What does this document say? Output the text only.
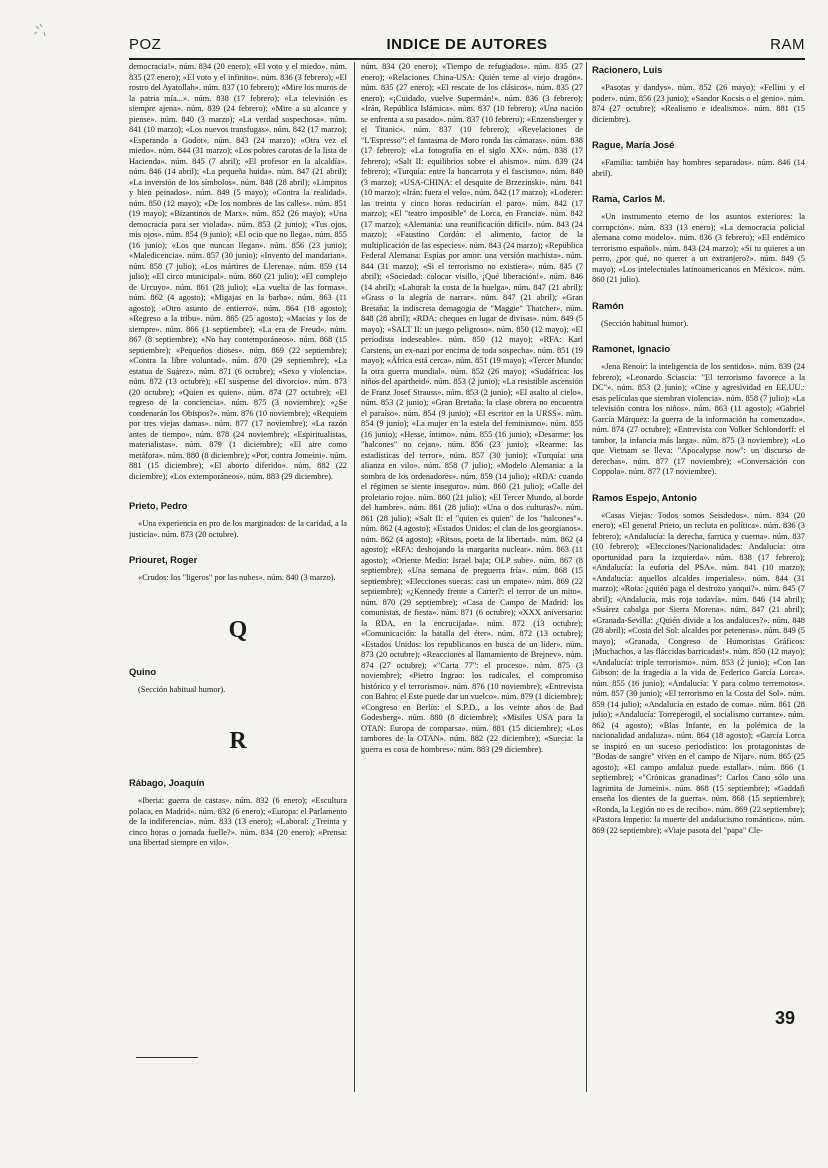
POZ	INDICE DE AUTORES	RAM

democracia!». núm. 834 (20 enero); «El voto y el miedo». núm. 835 (27 enero); «El voto y el infinito». núm. 836 (3 febrero); «El rostro del Ayatollah». núm. 837 (10 febrero); «Mire los muros de la patria mía...». núm. 838 (17 febrero); «La televisión es siempre ajena». núm. 839 (24 febrero); «Mire a su alcance y piense». núm. 840 (3 marzo); «La verdad sospechosa». núm. 841 (10 marzo); «Los nuevos transfugas». núm. 842 (17 marzo); «Esperando a Godot». núm. 843 (24 marzo); «Otra vez el miedo». núm. 844 (31 marzo); «Los pobres carotas de la lista de Hacienda». núm. 845 (7 abril); «El profesor en la alcaldía». núm. 846 (14 abril); «La pequeña huida». núm. 847 (21 abril); «La inversión de los símbolos». núm. 848 (28 abril); «Limpitos y bien peinados». núm. 849 (5 mayo); «Contra la realidad». núm. 850 (12 mayo); «De los nombres de las calles». núm. 851 (19 mayo); «Bizantinos de Marx». núm. 852 (26 mayo); «Una democracia para ser violada». núm. 853 (2 junio); «Tus ojos, mis ojos». núm. 854 (9 junio); «El ocio que no llega». núm. 855 (16 junio); «Los que nuncan llegan». núm. 856 (23 junio); «Maledicencia». núm. 857 (30 junio); «Invento del mandarian». núm. 858 (7 julio); «Los mártires de Llerena». núm. 859 (14 julio); «El circo municipal». núm. 860 (21 julio); «El complejo de Urcuyo». núm. 861 (28 julio); «La vuelta de las formas». núm. 862 (4 agosto); «Migajas en la barba». núm. 863 (11 agosto); «Otro asunto de entierro». núm. 864 (18 agosto); «Regreso a la tribu». núm. 865 (25 agosto); «Macías y los de siempre». núm. 866 (1 septiembre); «La era de Freud». núm. 867 (8 septiembre); «No hay contemporáneos». núm. 868 (15 septiembre); «Pequeños dioses». núm. 869 (22 septiembre); «Contra la libre voluntad». núm. 870 (29 septiembre); «La estatua de Suárez». núm. 871 (6 octubre); «Sexo y violencia». núm. 872 (13 octubre); «El suspense del divorcio». núm. 873 (20 octubre); «Quien es quien». núm. 874 (27 octubre); «El regreso de la conciencia». núm. 875 (3 noviembre); «¿Se condenarán los Obispos?». núm. 876 (10 noviembre); «Requiem por tres viejas damas». núm. 877 (17 noviembre); «La razón antes de tiempo». núm. 878 (24 noviembre); «Espiritualistas, materialistas». núm. 879 (1 diciembre); «El aire como metáfora». núm. 880 (8 diciembre); «Por, contra Jomeini». núm. 881 (15 diciembre); «El aborto diferido». núm. 882 (22 diciembre); «Los extemporáneos». núm. 883 (29 diciembre).

Prieto, Pedro

«Una experiencia en pro de los marginados: de la caridad, a la justicia». núm. 873 (20 octubre).

Priouret, Roger

«Crudos: los "ligeros" por las nubes». núm. 840 (3 marzo).

Q
Quino

(Sección habitual humor).

R
Rábago, Joaquín

«Iberia: guerra de castas». núm. 832 (6 enero); «Escultura polaca, en Madrid». núm. 832 (6 enero); «Europa: el Parlamento de la indiferencia». núm. 833 (13 enero); «Laboral: ¿Treinta y cinco horas o jornada fuelle?». núm. 834 (20 enero); «Prensa: una libertad siempre en vilo».

núm. 834 (20 enero); «Tiempo de refugiados». núm. 835 (27 enero); «Relaciones China-USA: Quién teme al viejo dragón». núm. 835 (27 enero); «El rescate de los clásicos». núm. 835 (27 enero); «¡Cuidado, vuelve Supermán!». núm. 836 (3 febrero); «Irán, República Islámica». núm. 837 (10 febrero); «Una nación se enfrenta a su pasado». núm. 837 (10 febrero); «Enzensberger y el Titanic». núm. 837 (10 febrero); «Revelaciones de "L'Espresso": el fantasma de Moro ronda las cámaras». núm. 838 (17 febrero); «La fotografía en el siglo XX». núm. 838 (17 febrero); «Salt II: equilibrios sobre el abismo». núm. 839 (24 febrero); «Turquía: entre la bancarrota y el fascismo». núm. 840 (3 marzo); «USA-CHINA: el desquite de Brzezinski». núm. 841 (10 marzo); «Irán: fuera el velo». núm. 842 (17 marzo); «Loderer: las treinta y cinco horas reducirían el paro». núm. 842 (17 marzo); «El "teatro imposible" de Lorca, en Francia». núm. 842 (17 marzo); «Alemania: una reunificación difícil». núm. 843 (24 marzo); «Faustino Cordón: el alimento, factor de la multiplicación de las especies». núm. 843 (24 marzo); «República Federal Alemana: Espías por amor: una versión machista». núm. 844 (31 marzo); «Si el terrorismo no existiera». núm. 845 (7 abril); «Sociedad: colocar visillo, ¡Qué liberación!». núm. 846 (14 abril); «Laboral: la costa de la huelga». núm. 847 (21 abril); «Grass o la alegría de narrar». núm. 847 (21 abril); «Gran Bretaña: la indiscreta demagogia de "Maggie" Thatcher». núm. 848 (28 abril); «RDA: cheques en lugar de divisas». núm. 849 (5 mayo); «SALT II: un juego peligroso». núm. 850 (12 mayo); «El periodista indeseable». núm. 850 (12 mayo); «RFA: Karl Carstens, un ex-nazi por encima de toda sospecha». núm. 851 (19 mayo); «África está cerca». núm. 851 (19 mayo); «Tercer Mundo: la otra guerra mundial». núm. 852 (26 mayo); «Sudáfrica: los niños del apartheid». núm. 853 (2 junio); «La resistible ascensión de Franz Josef Strauss». núm. 853 (2 junio); «El asalto al cielo». núm. 853 (2 junio); «Gran Bretaña: la clase obrera no encuentra el paraíso». núm. 854 (9 junio); «El escritor en la URSS». núm. 854 (9 junio); «La mujer en la estela del feminismo». núm. 855 (16 junio); «Hesse, íntimo». núm. 855 (16 junio); «Desarme: los "halcones" no cejan». núm. 856 (23 junio); «Rearme: las estadísticas del terror». núm. 857 (30 junio); «Turquía: una alianza en vilo». núm. 858 (7 julio); «Modelo Alemania: a la sombra de los ordenadores». núm. 859 (14 julio); «RDA: cuando el régimen se siente inseguro». núm. 860 (21 julio); «Calle del proletario rojo». núm. 860 (21 julio); «El Tercer Mundo, al borde del hambre». núm. 861 (28 julio); «Una o dos culturas?». núm. 861 (28 julio); «Salt II: el "quien es quien" de los "halcones"». núm. 862 (4 agosto); «Estados Unidos: el clan de los georgianos». núm. 862 (4 agosto); «Ritsos, poeta de la libertad». núm. 862 (4 agosto); «RFA: deshojando la margarita nuclear». núm. 863 (11 agosto); «Oriente Medio: Israel baja; OLP sube». núm. 867 (8 septiembre); «Una semana de preguerra fría». núm. 868 (15 septiembre); «Elecciones suecas: casi un empate». núm. 869 (22 septiembre); «¿Kennedy frente a Carter?: el terror de un mito». núm. 870 (29 septiembre); «Casa de Campo de Madrid: los comunistas, de fiesta». núm. 871 (6 octubre); «XXX aniversario: la RDA, en la encrucijada». núm. 872 (13 octubre); «Comunicación: la batalla del éter». núm. 872 (13 octubre); «Estados Unidos: los republicanos en busca de un líder». núm. 873 (20 octubre); «Reacciones al llamamiento de Brejnev». núm. 874 (27 octubre); «"Carta 77": el proceso». núm. 875 (3 noviembre); «Pietro Ingrao: los radicales, el compromiso histórico y el terrorismo». núm. 876 (10 noviembre); «Entrevista con Bahro: el Este puede dar un vuelco». núm. 879 (1 diciembre); «Congreso en Berlín: el S.P.D., a los veinte años de Bad Godesberg». núm. 880 (8 diciembre); «Misiles USA para la OTAN: Europa de comparsa». núm. 881 (15 diciembre); «Los tambores de la OTAN». núm. 882 (22 diciembre); «Suecia: la guerra es cosa de hombres». núm. 883 (29 diciembre).

Racionero, Luis

«Pasotas y dandys». núm. 852 (26 mayo); «Fellini y el poder». núm. 856 (23 junio); «Sandor Kocsis o el genio». núm. 874 (27 octubre); «Realismo e idealismo». núm. 881 (15 diciembre).

Rague, María José

«Familia: también hay hombres separados». núm. 846 (14 abril).

Rama, Carlos M.

«Un instrumento eterno de los asuntos exteriores: la corrupción». núm. 833 (13 enero); «La democracia policial alemana como modelo». núm. 836 (3 febrero); «El endémico terrorismo español». núm. 843 (24 marzo); «Si tu quieres a un perro, ¿por qué, no querer a un extranjero?». núm. 849 (5 mayo); «Los intelectuales latinoamericanos en México». núm. 860 (21 julio).

Ramón

(Sección habitual humor).

Ramonet, Ignacio

«Jena Renoir: la inteligencia de los sentidos». núm. 839 (24 febrero); «Leonardo Sciascia: "El terrorismo favorece a la DC"». núm. 853 (2 junio); «Cine y agresividad en EE.UU.: esas películas que siembran violencia». núm. 858 (7 julio); «La televisión contra los niños». núm. 863 (11 agosto); «Gabriel García Márquez: la guerra de la información ha comenzado». núm. 874 (27 octubre); «Entrevista con Volker Schlondorff: el tambor, la infancia más larga». núm. 875 (3 noviembre); «Lo que Vietnam se lleva: "Apocalypse now": un discurso de derechas». núm. 877 (17 noviembre); «Conversación con Coppola». núm. 877 (17 noviembre).

Ramos Espejo, Antonio

«Casas Viejas: Todos somos Seisdedos». núm. 834 (20 enero); «El general Prieto, un recluta en política». núm. 836 (3 febrero); «Andalucía: la derecha, farruca y cuerna». núm. 837 (10 febrero); «Elecciones/Nacionalidades: Andalucía: otra oportunidad para la izquierda». núm. 838 (17 febrero); «Andalucía: la euforia del PSA». núm. 841 (10 marzo); «Andalucía: aquellos alcaldes imperiales». núm. 844 (31 marzo); «Rota: ¿quién paga el destrozo yanqui?». núm. 845 (7 abril); «Andalucía, más roja todavía». núm. 846 (14 abril); «Suárez cabalga por Sierra Morena». núm. 847 (21 abril); «Granada-Sevilla: ¿Quién divide a los andaluces?». núm. 848 (28 abril); «Costa del Sol: alcaldes por peteneras». núm. 849 (5 mayo); «Granada, Congreso de Humoristas Gráficos: ¡Muchachos, a las fláccidas barricadas!». núm. 850 (12 mayo); «Andalucía: triple terrorismo». núm. 853 (2 junio); «Con Ian Gibson: de la tragedia a la vida de Federico García Lorca». núm. 855 (16 junio); «Andalucía: Y para colmo terremotos». núm. 857 (30 junio); «El terrorismo en la Costa del Sol». núm. 859 (14 julio); «Andalucía en estado de coma». núm. 861 (28 julio); «Andalucía: Torreperogil, el socialismo currante». núm. 862 (4 agosto); «Blas Infante, en la polémica de la nacionalidad andaluza». núm. 864 (18 agosto); «García Lorca se inspiró en un suceso periodístico: los protagonistas de "Bodas de sangre" viven en el campo de Níjar». núm. 865 (25 agosto); «El campo andaluz puede estallar». núm. 866 (1 septiembre); «"Crónicas granadinas": Carlos Cano sólo una lagrimita de Jomeini». núm. 868 (15 septiembre); «Gaddafi enseña los dientes de la guerra». núm. 868 (15 septiembre); «Ronda, la Legión no es de recibo». núm. 869 (22 septiembre); «Pastora Imperio: la muerte del andalucismo romántico». núm. 869 (22 septiembre); «Viaje pasota del "papa" Cle-

39
